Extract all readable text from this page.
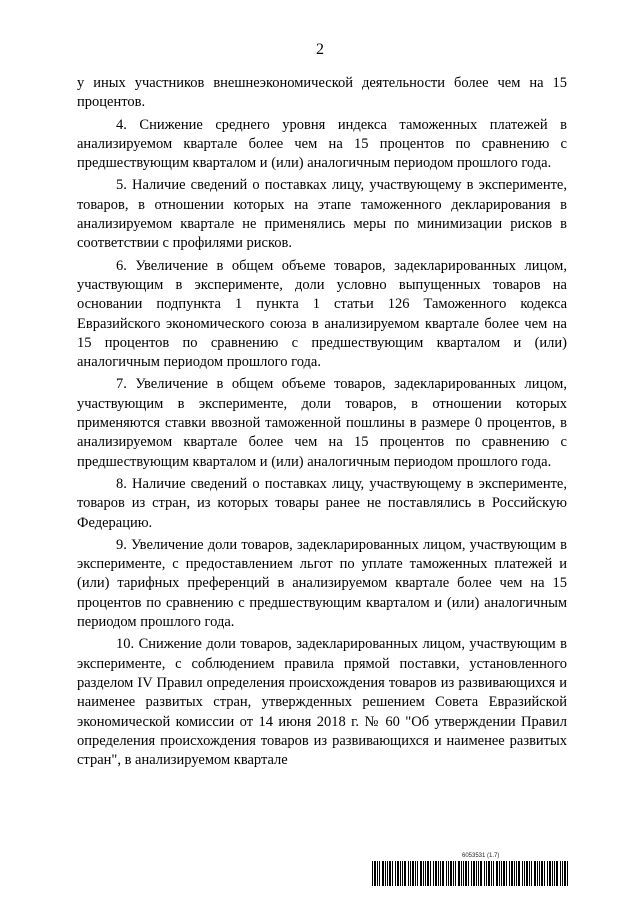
2

у иных участников внешнеэкономической деятельности более чем на 15 процентов.

4. Снижение среднего уровня индекса таможенных платежей в анализируемом квартале более чем на 15 процентов по сравнению с предшествующим кварталом и (или) аналогичным периодом прошлого года.

5. Наличие сведений о поставках лицу, участвующему в эксперименте, товаров, в отношении которых на этапе таможенного декларирования в анализируемом квартале не применялись меры по минимизации рисков в соответствии с профилями рисков.

6. Увеличение в общем объеме товаров, задекларированных лицом, участвующим в эксперименте, доли условно выпущенных товаров на основании подпункта 1 пункта 1 статьи 126 Таможенного кодекса Евразийского экономического союза в анализируемом квартале более чем на 15 процентов по сравнению с предшествующим кварталом и (или) аналогичным периодом прошлого года.

7. Увеличение в общем объеме товаров, задекларированных лицом, участвующим в эксперименте, доли товаров, в отношении которых применяются ставки ввозной таможенной пошлины в размере 0 процентов, в анализируемом квартале более чем на 15 процентов по сравнению с предшествующим кварталом и (или) аналогичным периодом прошлого года.

8. Наличие сведений о поставках лицу, участвующему в эксперименте, товаров из стран, из которых товары ранее не поставлялись в Российскую Федерацию.

9. Увеличение доли товаров, задекларированных лицом, участвующим в эксперименте, с предоставлением льгот по уплате таможенных платежей и (или) тарифных преференций в анализируемом квартале более чем на 15 процентов по сравнению с предшествующим кварталом и (или) аналогичным периодом прошлого года.

10. Снижение доли товаров, задекларированных лицом, участвующим в эксперименте, с соблюдением правила прямой поставки, установленного разделом IV Правил определения происхождения товаров из развивающихся и наименее развитых стран, утвержденных решением Совета Евразийской экономической комиссии от 14 июня 2018 г. № 60 "Об утверждении Правил определения происхождения товаров из развивающихся и наименее развитых стран", в анализируемом квартале

6053531 (1.7)
